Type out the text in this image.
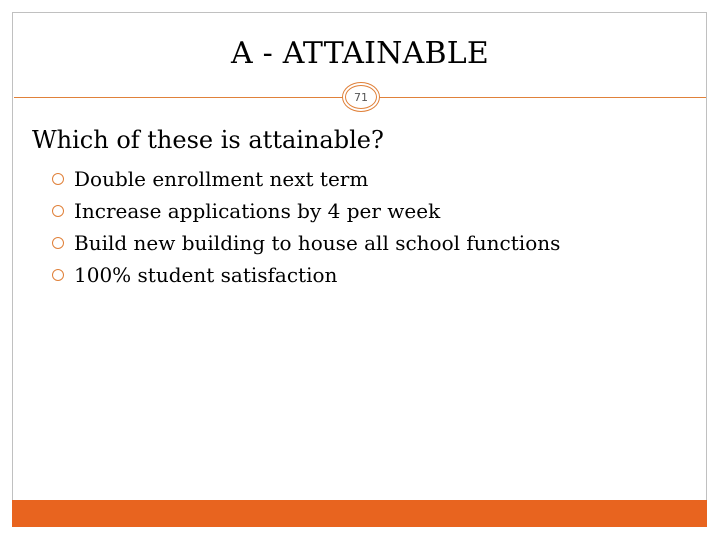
A - ATTAINABLE
71
Which of these is attainable?
Double enrollment next term
Increase applications by 4 per week
Build new building to house all school functions
100% student satisfaction
